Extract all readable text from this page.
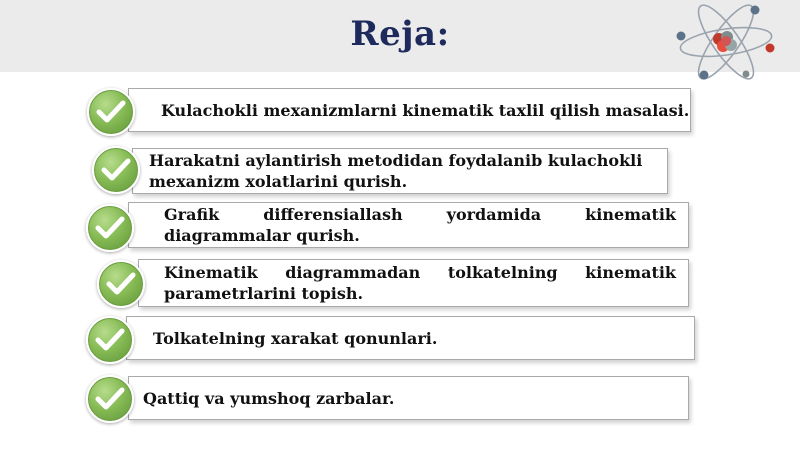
Reja:
Kulachokli mexanizmlarni kinematik taxlil qilish masalasi.
Harakatni aylantirish metodidan foydalanib kulachokli mexanizm xolatlarini qurish.
Grafik differensiallash yordamida kinematik diagrammalar qurish.
Kinematik diagrammadan tolkatelning kinematik parametrlarini topish.
Tolkatelning xarakat qonunlari.
Qattiq va yumshoq zarbalar.
